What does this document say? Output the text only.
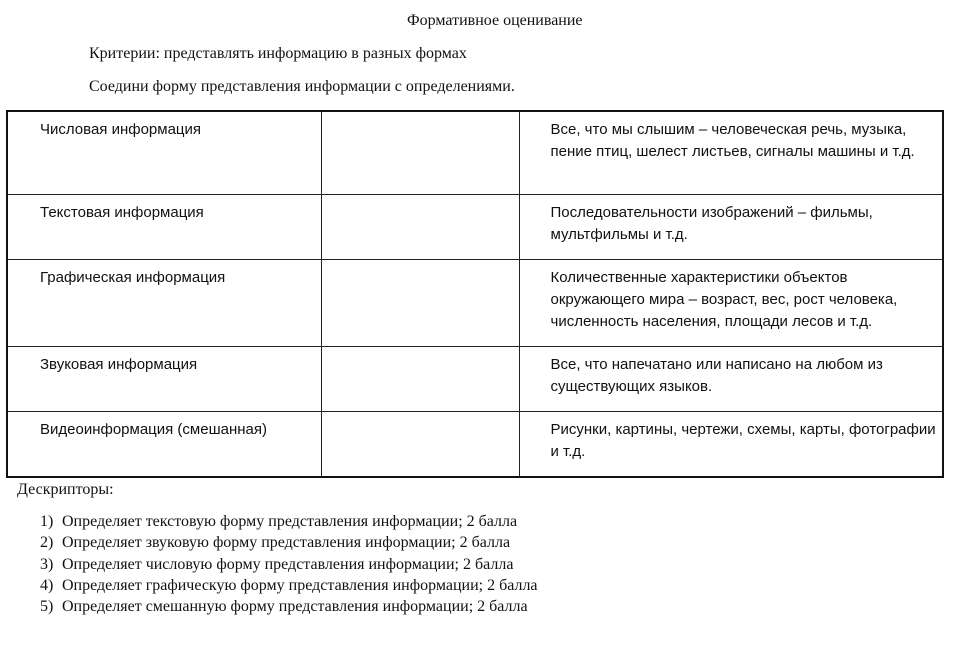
Формативное оценивание
Критерии: представлять информацию в разных формах
Соедини форму представления информации с определениями.
Числовая информация		Все, что мы слышим – человеческая речь, музыка, пение птиц, шелест листьев, сигналы машины и т.д.
Текстовая информация		Последовательности изображений – фильмы, мультфильмы и т.д.
Графическая информация		Количественные характеристики объектов окружающего мира – возраст, вес, рост человека, численность населения, площади лесов и т.д.
Звуковая информация		Все, что напечатано или написано на любом из существующих языков.
Видеоинформация (смешанная)		Рисунки, картины, чертежи, схемы, карты, фотографии и т.д.
Дескрипторы:
1) Определяет текстовую форму представления информации; 2 балла
2) Определяет звуковую форму представления информации; 2 балла
3) Определяет числовую форму представления информации; 2 балла
4) Определяет графическую форму представления информации; 2 балла
5) Определяет смешанную форму представления информации; 2 балла
